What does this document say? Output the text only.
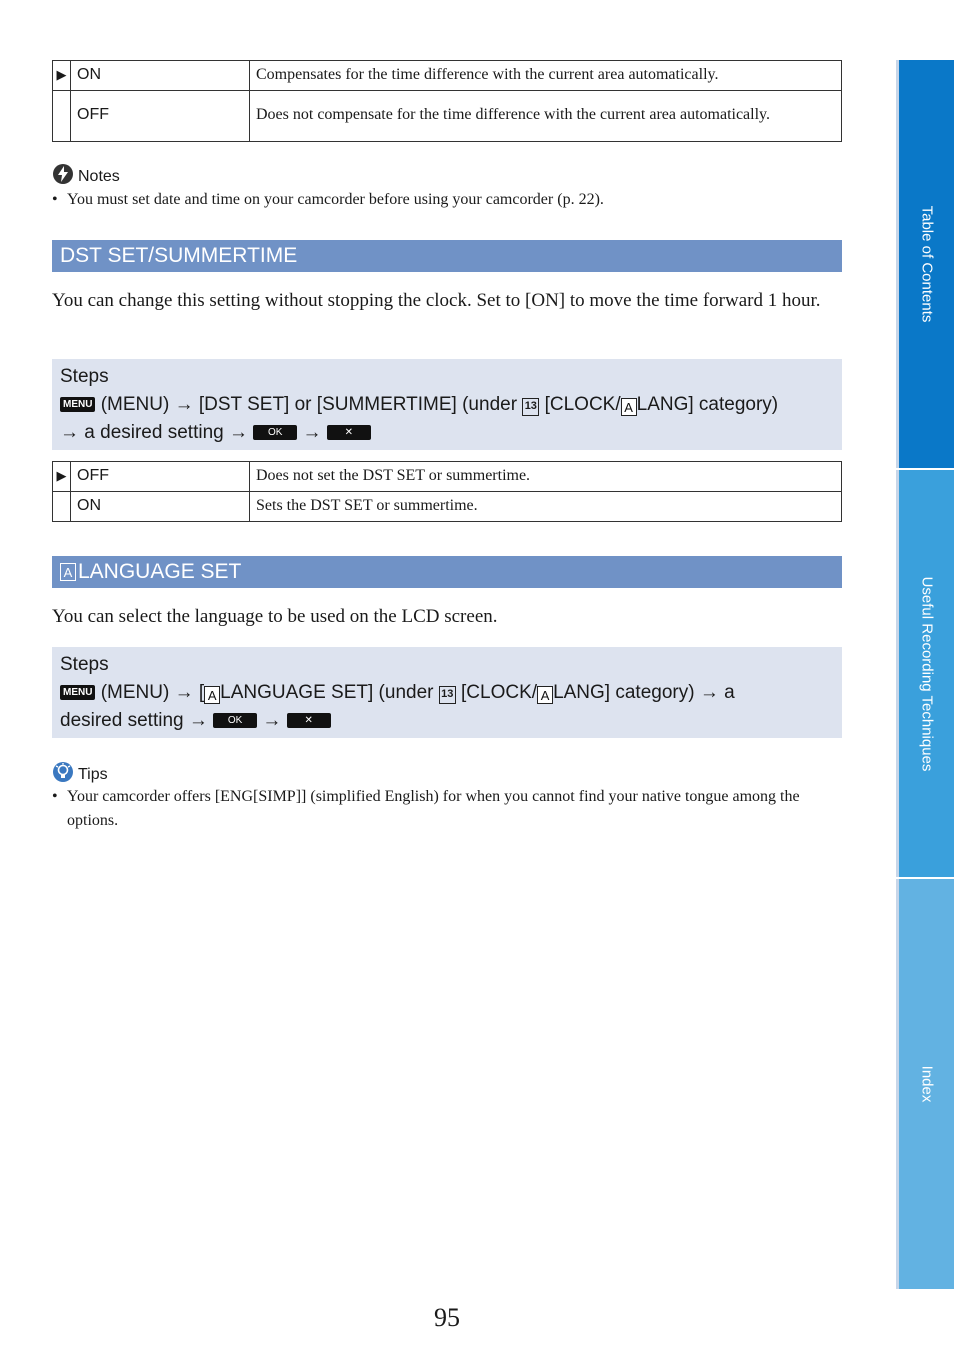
▶	ON	Compensates for the time difference with the current area automatically.
	OFF	Does not compensate for the time difference with the current area automatically.
Notes
• You must set date and time on your camcorder before using your camcorder (p. 22).
DST SET/SUMMERTIME
You can change this setting without stopping the clock. Set to [ON] to move the time forward 1 hour.
Steps
MENU (MENU) → [DST SET] or [SUMMERTIME] (under 13 [CLOCK/ A LANG] category)
→ a desired setting → OK → ✕
▶	OFF	Does not set the DST SET or summertime.
	ON	Sets the DST SET or summertime.
A LANGUAGE SET
You can select the language to be used on the LCD screen.
Steps
MENU (MENU) → [ A LANGUAGE SET] (under 13 [CLOCK/ A LANG] category) → a
desired setting → OK → ✕
Tips
• Your camcorder offers [ENG[SIMP]] (simplified English) for when you cannot find your native tongue among the options.
Table of Contents
Useful Recording Techniques
Index
95
